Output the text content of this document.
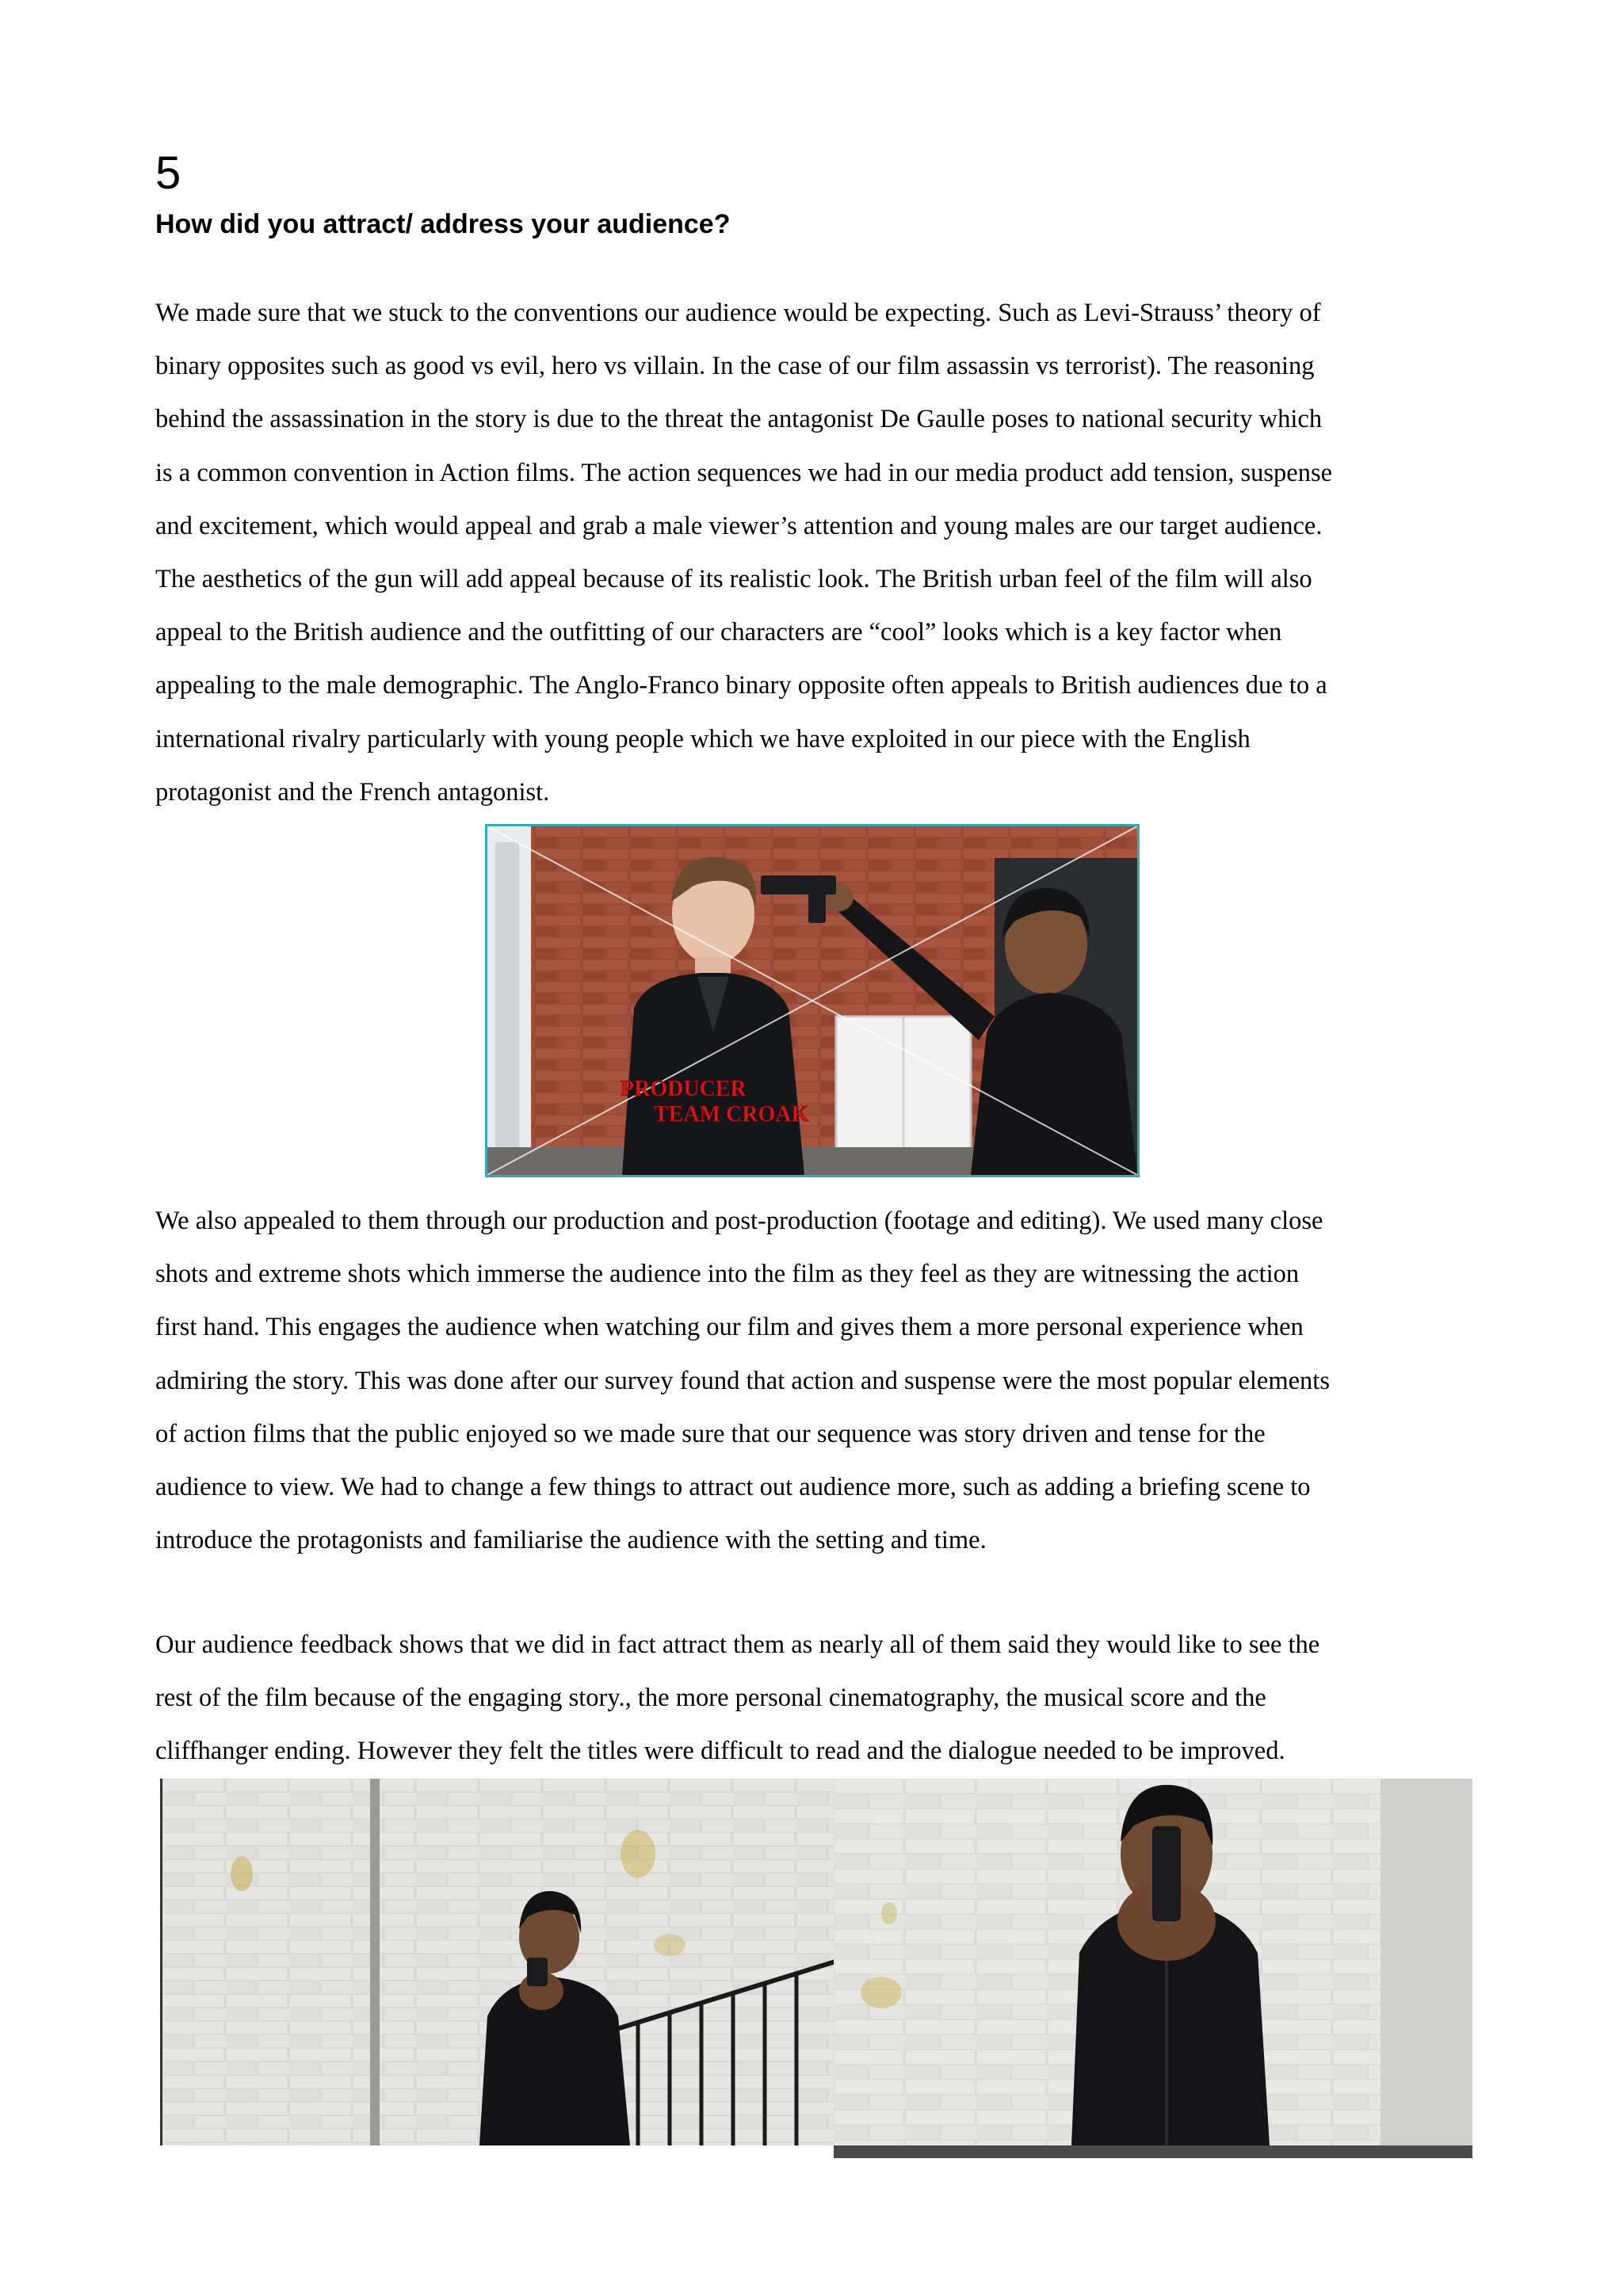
5
How did you attract/ address your audience?

We made sure that we stuck to the conventions our audience would be expecting. Such as Levi-Strauss’ theory of
binary opposites such as good vs evil, hero vs villain. In the case of our film assassin vs terrorist). The reasoning
behind the assassination in the story is due to the threat the antagonist De Gaulle poses to national security which
is a common convention in Action films. The action sequences we had in our media product add tension, suspense
and excitement, which would appeal and grab a male viewer’s attention and young males are our target audience.
The aesthetics of the gun will add appeal because of its realistic look. The British urban feel of the film will also
appeal to the British audience and the outfitting of our characters are “cool” looks which is a key factor when
appealing to the male demographic. The Anglo-Franco binary opposite often appeals to British audiences due to a
international rivalry particularly with young people which we have exploited in our piece with the English
protagonist and the French antagonist.

PRODUCER
TEAM CROAK

We also appealed to them through our production and post-production (footage and editing). We used many close
shots and extreme shots which immerse the audience into the film as they feel as they are witnessing the action
first hand. This engages the audience when watching our film and gives them a more personal experience when
admiring the story. This was done after our survey found that action and suspense were the most popular elements
of action films that the public enjoyed so we made sure that our sequence was story driven and tense for the
audience to view. We had to change a few things to attract out audience more, such as adding a briefing scene to
introduce the protagonists and familiarise the audience with the setting and time.

Our audience feedback shows that we did in fact attract them as nearly all of them said they would like to see the
rest of the film because of the engaging story., the more personal cinematography, the musical score and the
cliffhanger ending. However they felt the titles were difficult to read and the dialogue needed to be improved.
